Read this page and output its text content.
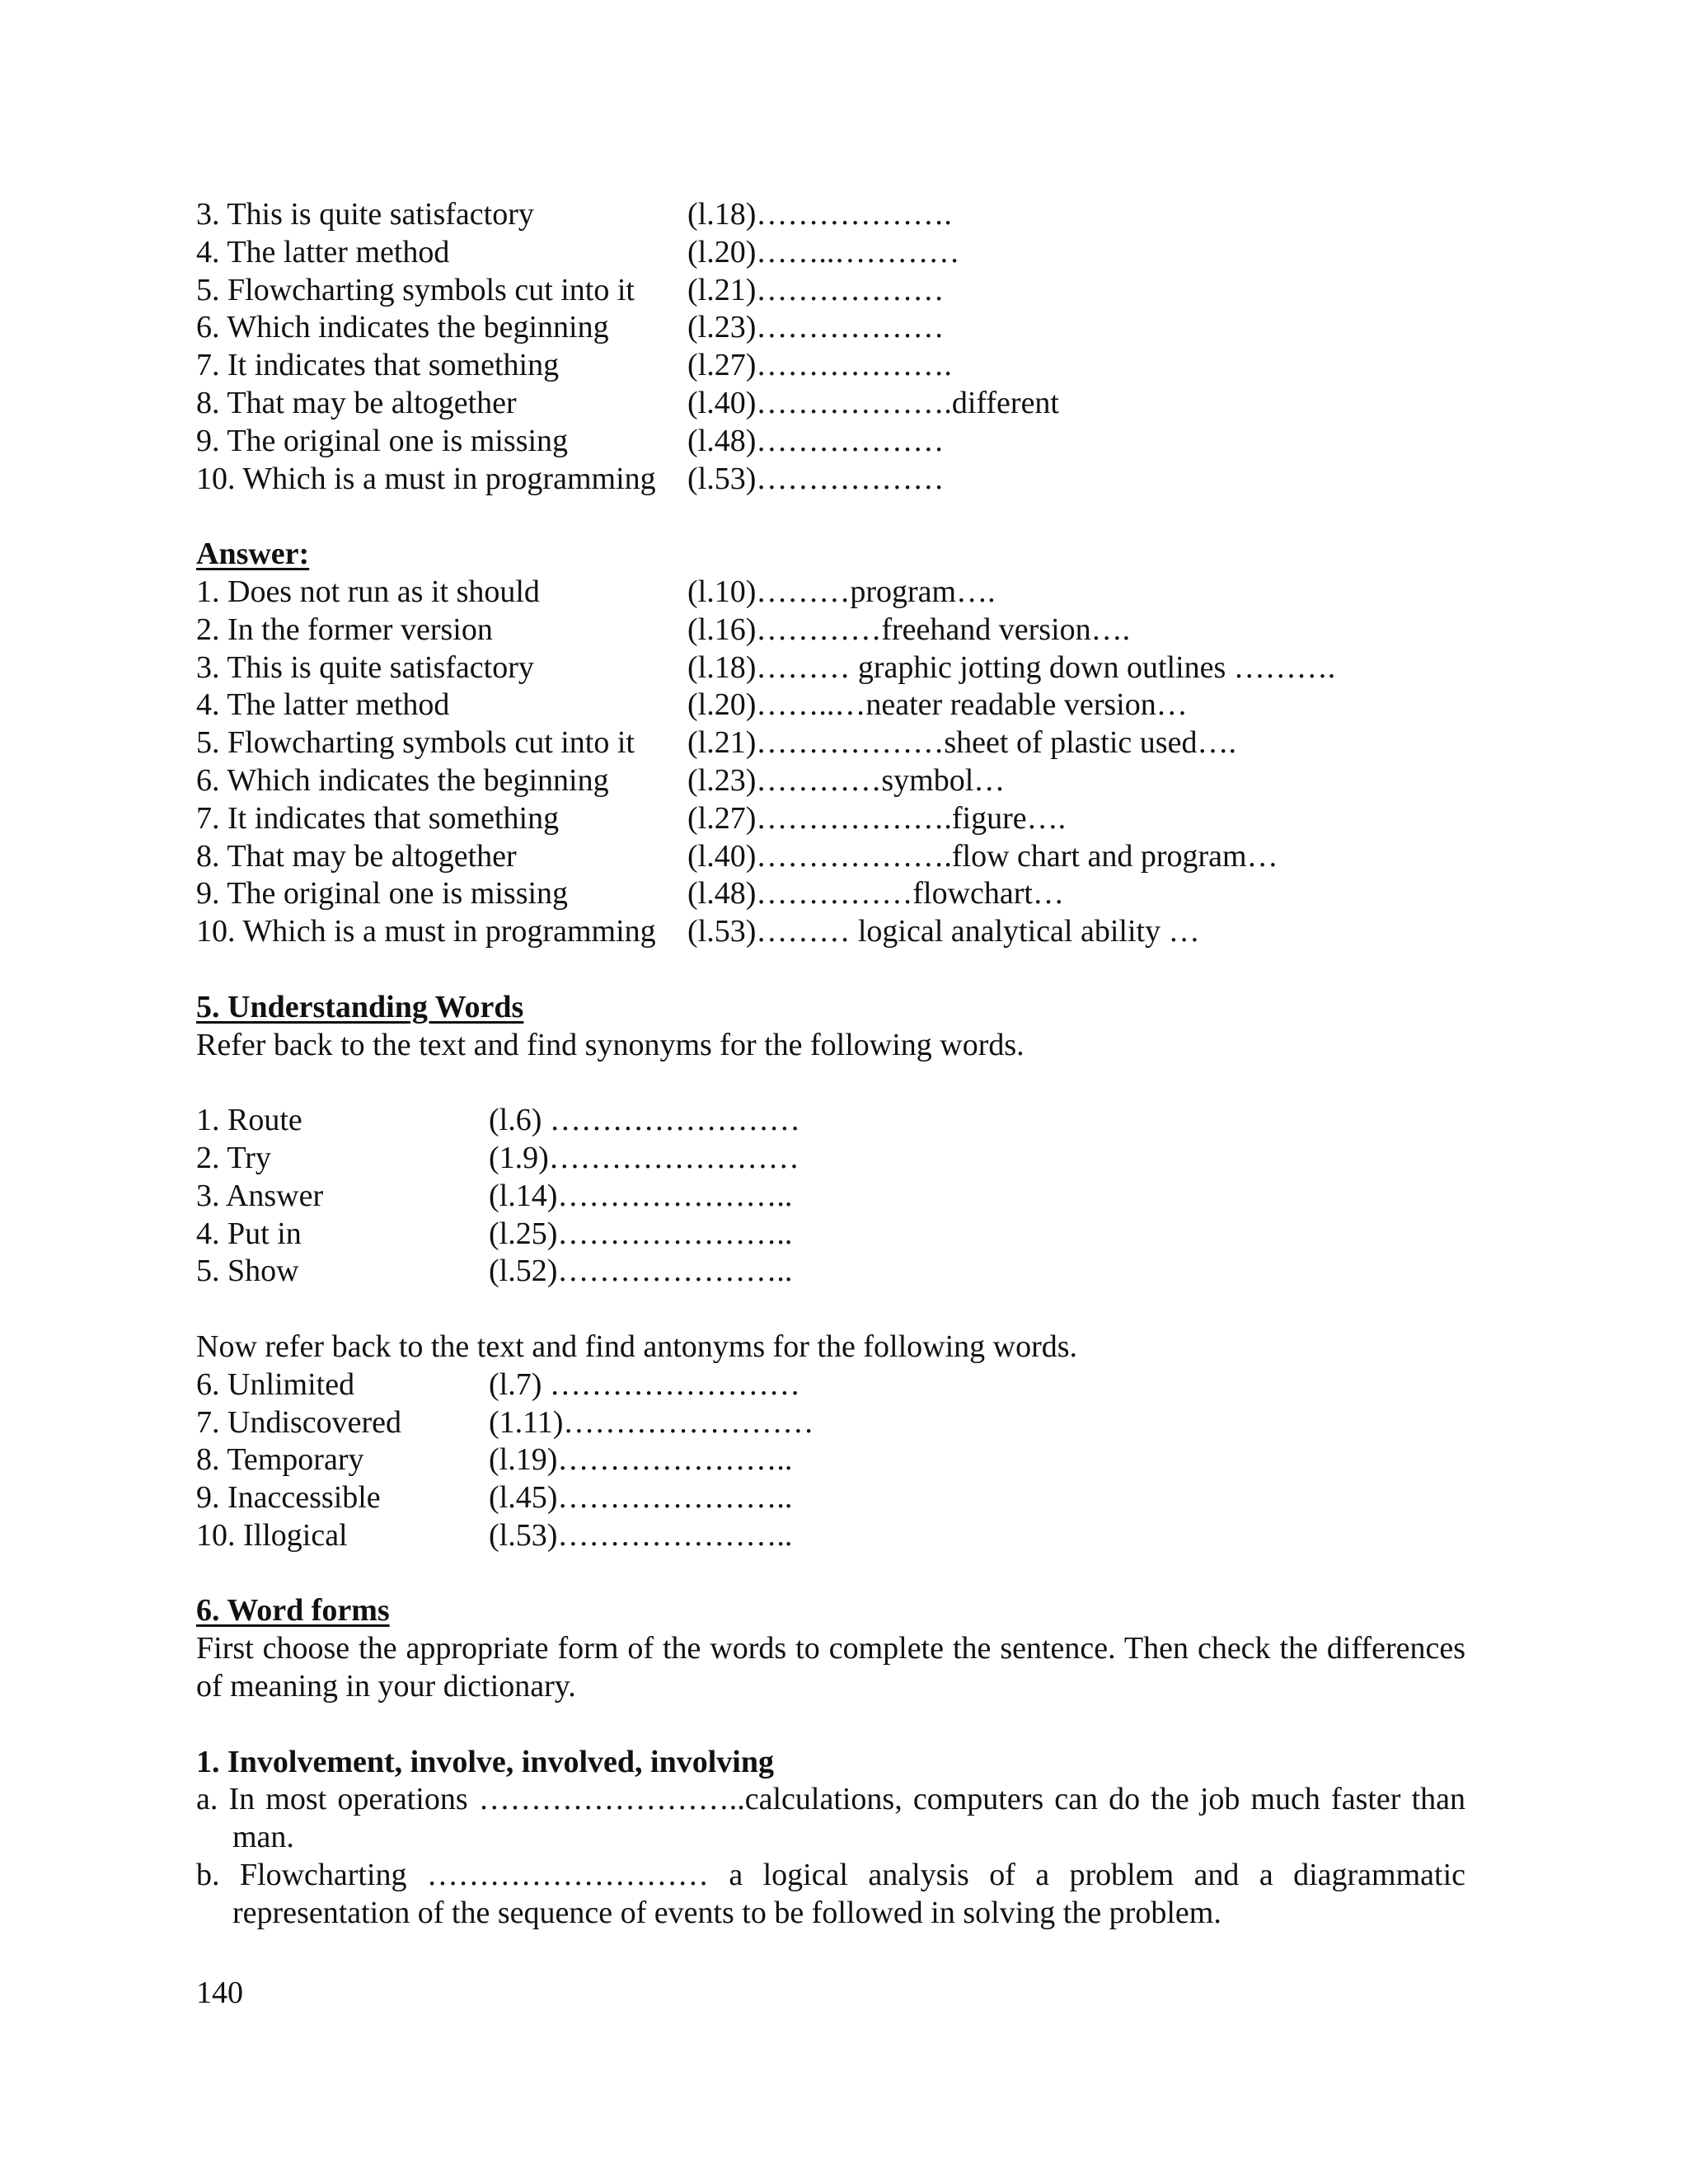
3. This is quite satisfactory	(l.18)……………….
4. The latter method	(l.20)……..…………
5. Flowcharting symbols cut into it	(l.21)………………
6. Which indicates the beginning	(l.23)………………
7. It indicates that something	(l.27)……………….
8. That may be altogether	(l.40)……………….different
9. The original one is missing	(l.48)………………
10. Which is a must in programming	(l.53)………………
Answer:
1. Does not run as it should	(l.10)………program….
2. In the former version	(l.16)…………freehand version….
3. This is quite satisfactory	(l.18)……… graphic jotting down outlines ……….
4. The latter method	(l.20)……..…neater readable version…
5. Flowcharting symbols cut into it	(l.21)………………sheet of plastic used….
6. Which indicates the beginning	(l.23)…………symbol…
7. It indicates that something	(l.27)……………….figure….
8. That may be altogether	(l.40)……………….flow chart and program…
9. The original one is missing	(l.48)……………flowchart…
10. Which is a must in programming	(l.53)……… logical analytical ability …
5. Understanding Words
Refer back to the text and find synonyms for the following words.
1. Route	(l.6) ……………………
2. Try	(1.9)……………………
3. Answer	(l.14)…………………..
4. Put in	(l.25)…………………..
5. Show	(l.52)…………………..
Now refer back to the text and find antonyms for the following words.
6. Unlimited	(l.7) ……………………
7. Undiscovered	(1.11)……………………
8. Temporary	(l.19)…………………..
9. Inaccessible	(l.45)…………………..
10. Illogical	(l.53)…………………..
6. Word forms
First choose the appropriate form of the words to complete the sentence. Then check the differences of meaning in your dictionary.
1. Involvement, involve, involved, involving
a. In most operations ……………………..calculations, computers can do the job much faster than man.
b. Flowcharting ……………………… a logical analysis of a problem and a diagrammatic representation of the sequence of events to be followed in solving the problem.
140
